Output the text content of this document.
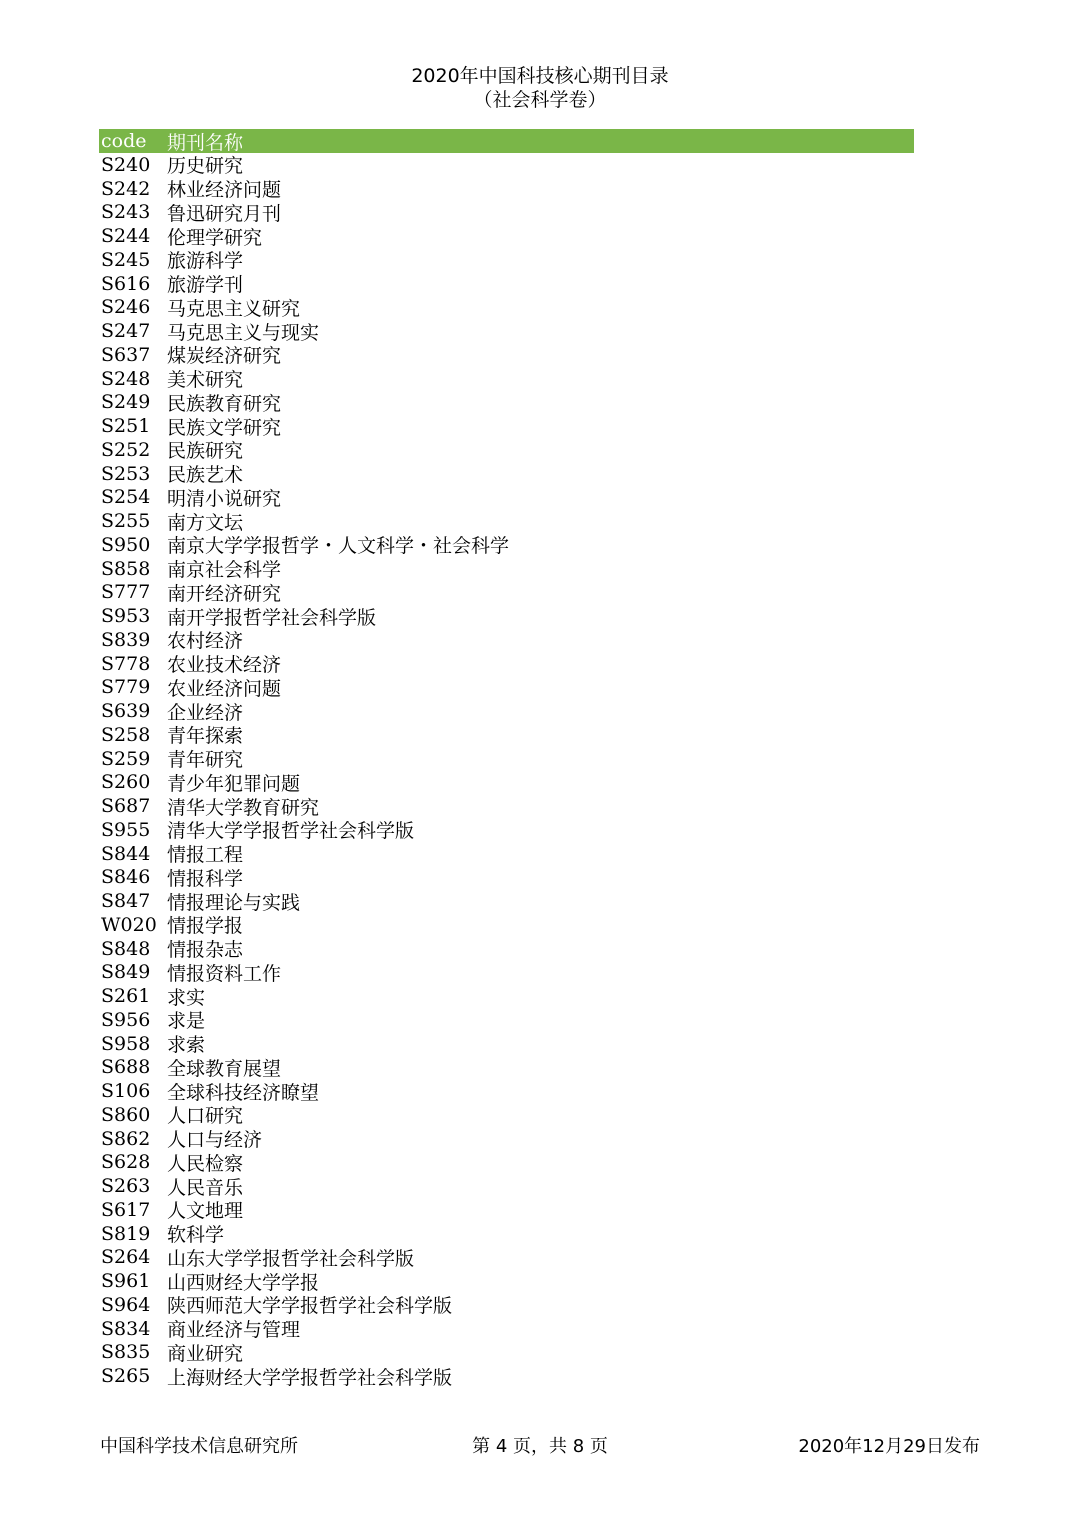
2020年中国科技核心期刊目录
（社会科学卷）
code	期刊名称
S240 历史研究
S242 林业经济问题
S243 鲁迅研究月刊
S244 伦理学研究
S245 旅游科学
S616 旅游学刊
S246 马克思主义研究
S247 马克思主义与现实
S637 煤炭经济研究
S248 美术研究
S249 民族教育研究
S251 民族文学研究
S252 民族研究
S253 民族艺术
S254 明清小说研究
S255 南方文坛
S950 南京大学学报哲学・人文科学・社会科学
S858 南京社会科学
S777 南开经济研究
S953 南开学报哲学社会科学版
S839 农村经济
S778 农业技术经济
S779 农业经济问题
S639 企业经济
S258 青年探索
S259 青年研究
S260 青少年犯罪问题
S687 清华大学教育研究
S955 清华大学学报哲学社会科学版
S844 情报工程
S846 情报科学
S847 情报理论与实践
W020 情报学报
S848 情报杂志
S849 情报资料工作
S261 求实
S956 求是
S958 求索
S688 全球教育展望
S106 全球科技经济瞭望
S860 人口研究
S862 人口与经济
S628 人民检察
S263 人民音乐
S617 人文地理
S819 软科学
S264 山东大学学报哲学社会科学版
S961 山西财经大学学报
S964 陕西师范大学学报哲学社会科学版
S834 商业经济与管理
S835 商业研究
S265 上海财经大学学报哲学社会科学版
中国科学技术信息研究所	第 4 页，共 8 页	2020年12月29日发布
